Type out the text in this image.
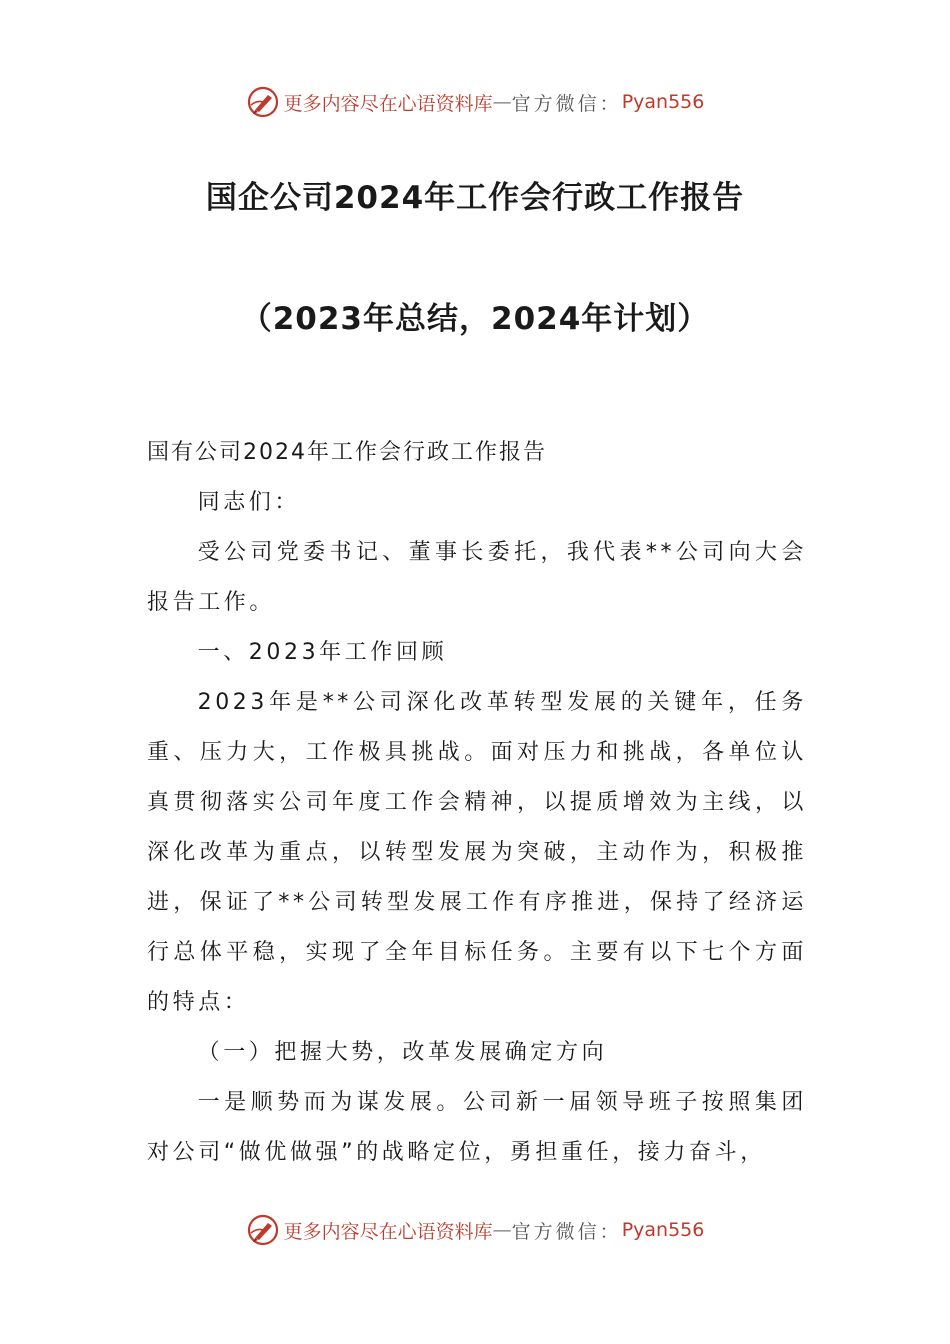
更多内容尽在心语资料库 — 官方微信： Pyan556
国企公司2024年工作会行政工作报告
（2023年总结，2024年计划）

国有公司2024年工作会行政工作报告

同志们：

受公司党委书记、董事长委托，我代表**公司向大会报告工作。

一、2023年工作回顾

2023年是**公司深化改革转型发展的关键年，任务重、压力大，工作极具挑战。面对压力和挑战，各单位认真贯彻落实公司年度工作会精神，以提质增效为主线，以深化改革为重点，以转型发展为突破，主动作为，积极推进，保证了**公司转型发展工作有序推进，保持了经济运行总体平稳，实现了全年目标任务。主要有以下七个方面的特点：

（一）把握大势，改革发展确定方向

一是顺势而为谋发展。公司新一届领导班子按照集团对公司“做优做强”的战略定位，勇担重任，接力奋斗，

更多内容尽在心语资料库 — 官方微信： Pyan556
